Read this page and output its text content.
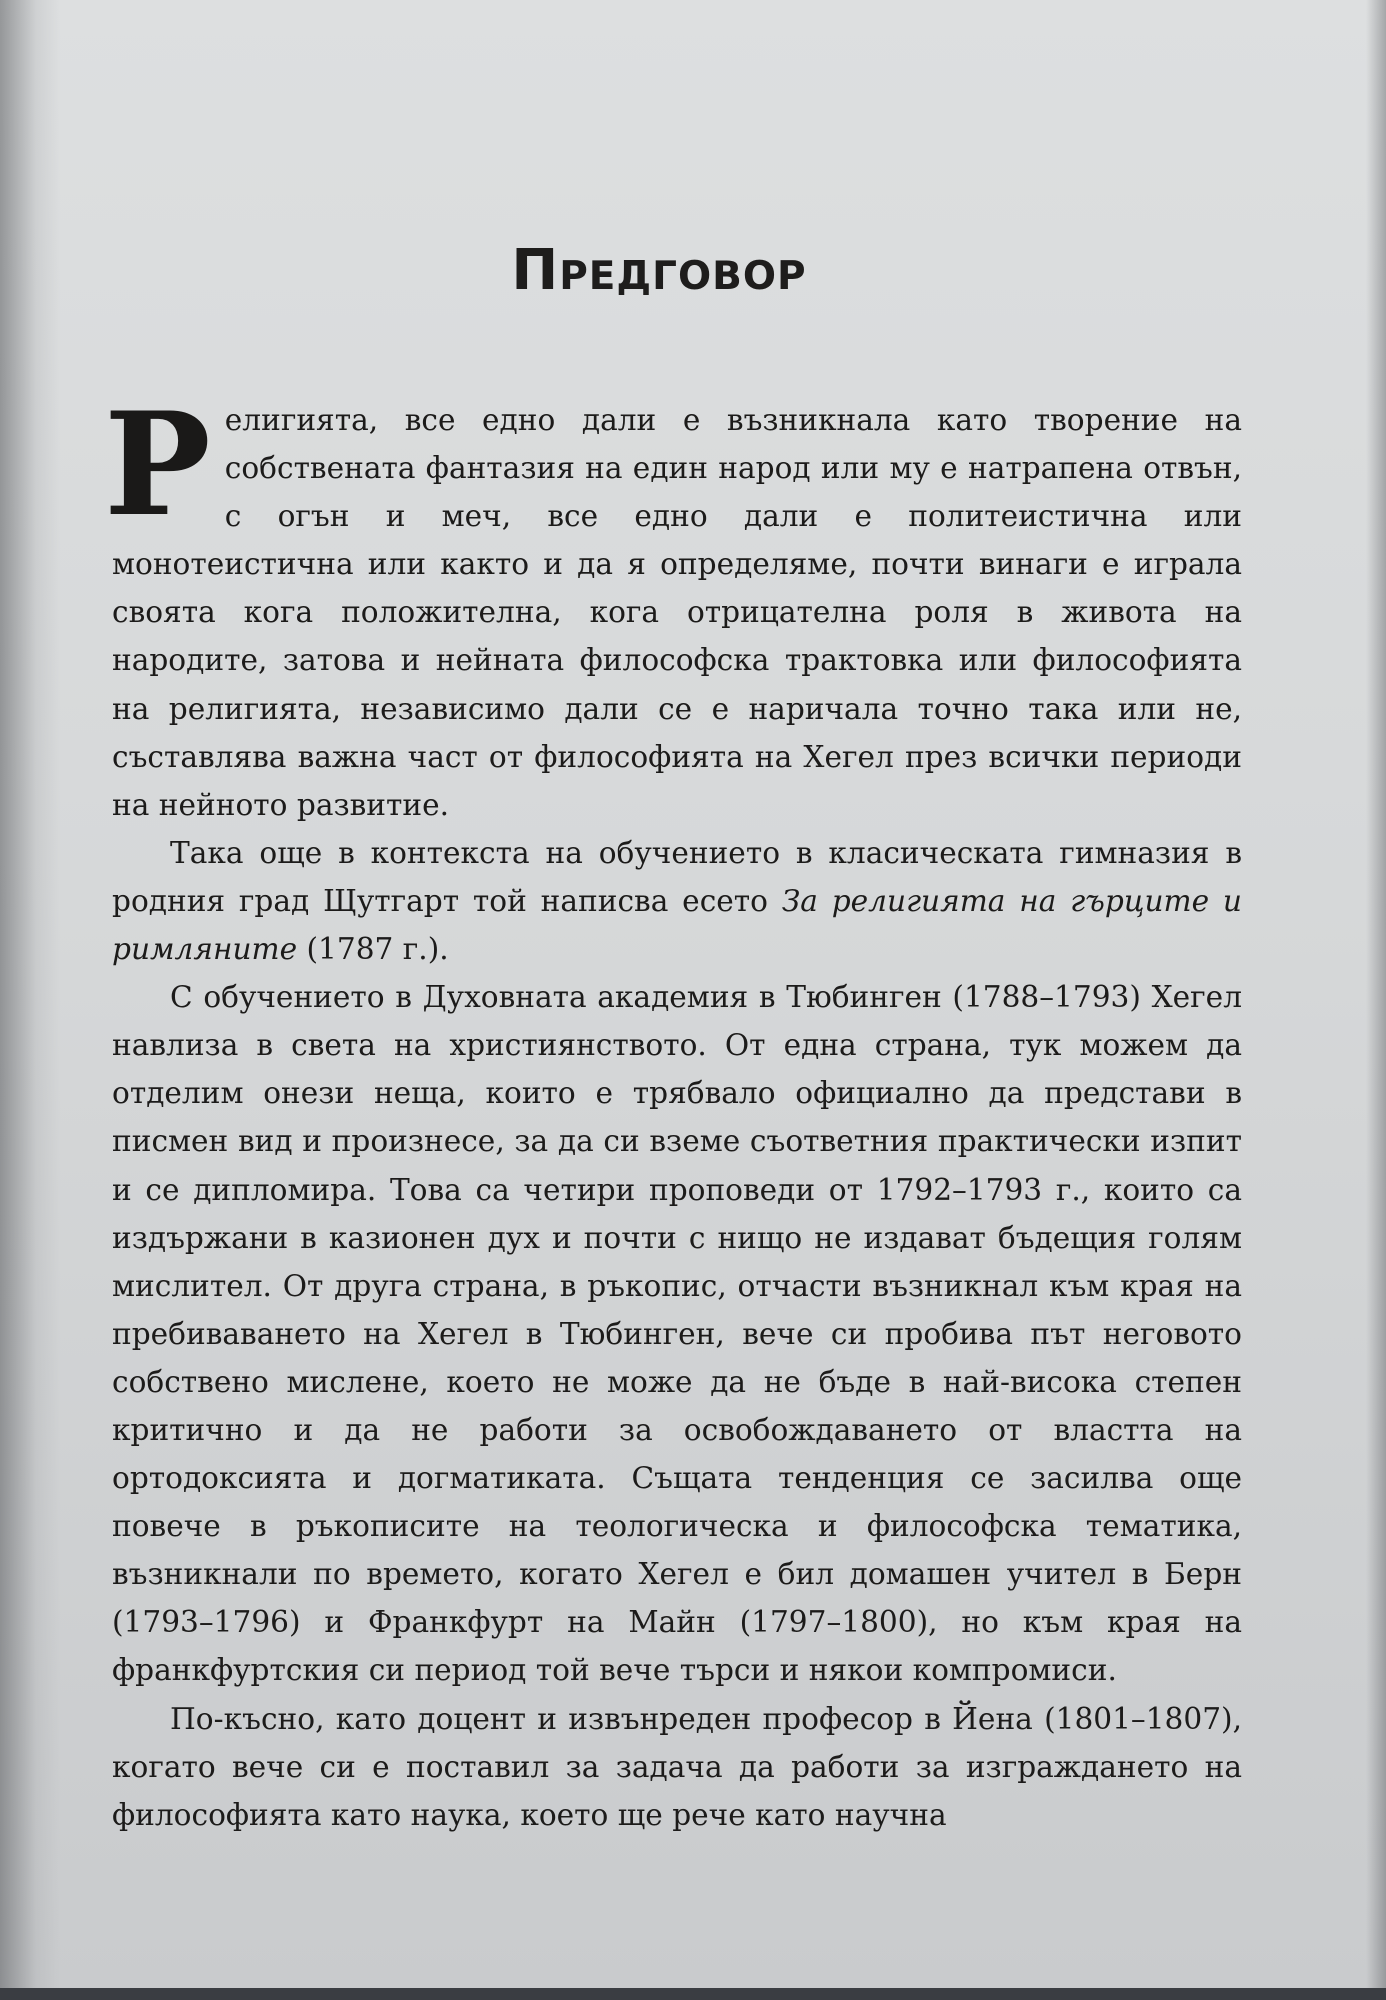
Предговор

Религията, все едно дали е възникнала като творение на собствената фантазия на един народ или му е натрапена отвън, с огън и меч, все едно дали е политеистична или монотеистична или както и да я определяме, почти винаги е играла своята кога положителна, кога отрицателна роля в живота на народите, затова и нейната философска трактовка или философията на религията, независимо дали се е наричала точно така или не, съставлява важна част от философията на Хегел през всички периоди на нейното развитие.

Така още в контекста на обучението в класическата гимназия в родния град Щутгарт той написва есето За религията на гърците и римляните (1787 г.).

С обучението в Духовната академия в Тюбинген (1788–1793) Хегел навлиза в света на християнството. От една страна, тук можем да отделим онези неща, които е трябвало официално да представи в писмен вид и произнесе, за да си вземе съответния практически изпит и се дипломира. Това са четири проповеди от 1792–1793 г., които са издържани в казионен дух и почти с нищо не издават бъдещия голям мислител. От друга страна, в ръкопис, отчасти възникнал към края на пребиваването на Хегел в Тюбинген, вече си пробива път неговото собствено мислене, което не може да не бъде в най-висока степен критично и да не работи за освобождаването от властта на ортодоксията и догматиката. Същата тенденция се засилва още повече в ръкописите на теологическа и философска тематика, възникнали по времето, когато Хегел е бил домашен учител в Берн (1793–1796) и Франкфурт на Майн (1797–1800), но към края на франкфуртския си период той вече търси и някои компромиси.

По-късно, като доцент и извънреден професор в Йена (1801–1807), когато вече си е поставил за задача да работи за изграждането на философията като наука, което ще рече като научна
